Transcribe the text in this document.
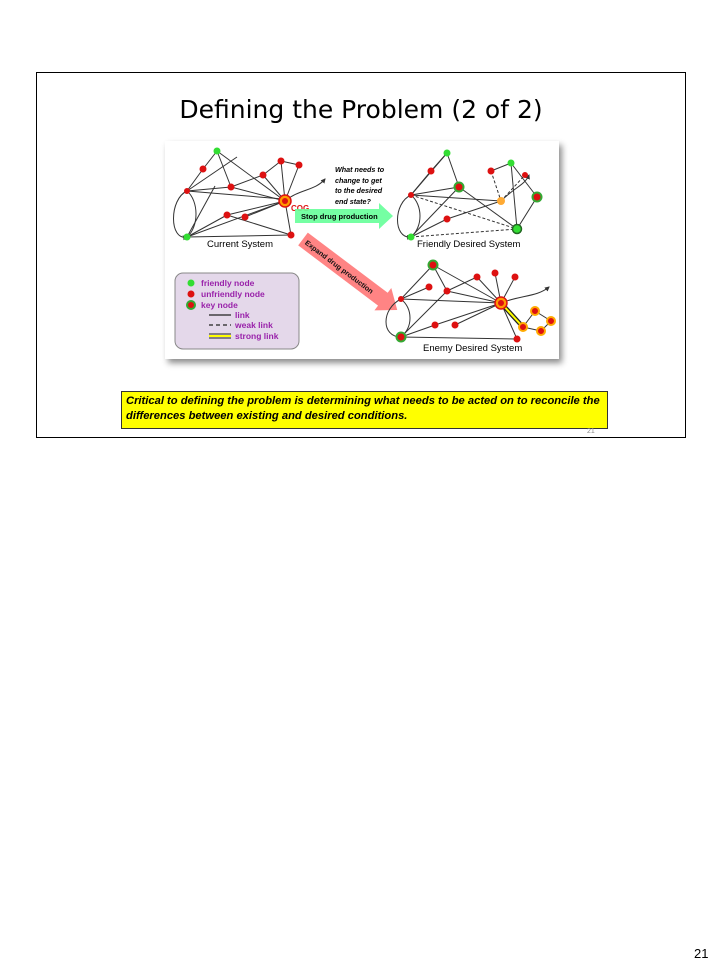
Defining the Problem (2 of 2)
COG
What needs to
change to get
to the desired
end state?
Stop drug production
Expand drug production
Current System	Friendly Desired System
friendly node
unfriendly node
key node
link
weak link
strong link
Enemy Desired System
Critical to defining the problem is determining what needs to be acted on to reconcile the differences between existing and desired conditions.
21
21
